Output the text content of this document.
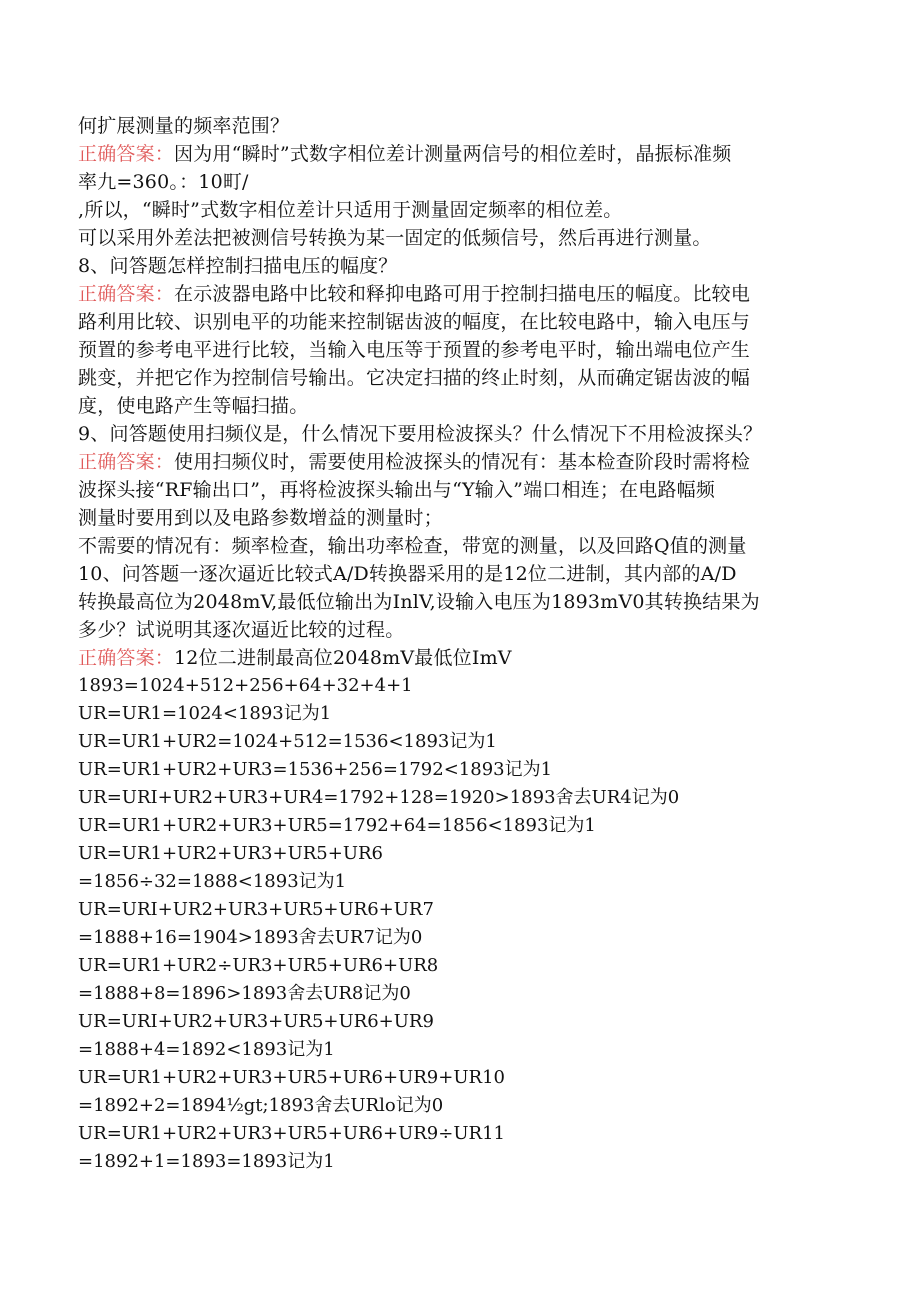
何扩展测量的频率范围？
正确答案：因为用“瞬时”式数字相位差计测量两信号的相位差时，晶振标准频
率九=360。：10町/
,所以，“瞬时”式数字相位差计只适用于测量固定频率的相位差。
可以采用外差法把被测信号转换为某一固定的低频信号，然后再进行测量。
8、问答题怎样控制扫描电压的幅度？
正确答案：在示波器电路中比较和释抑电路可用于控制扫描电压的幅度。比较电
路利用比较、识别电平的功能来控制锯齿波的幅度，在比较电路中，输入电压与
预置的参考电平进行比较，当输入电压等于预置的参考电平时，输出端电位产生
跳变，并把它作为控制信号输出。它决定扫描的终止时刻，从而确定锯齿波的幅
度，使电路产生等幅扫描。
9、问答题使用扫频仪是，什么情况下要用检波探头？什么情况下不用检波探头？
正确答案：使用扫频仪时，需要使用检波探头的情况有：基本检查阶段时需将检
波探头接“RF输出口”，再将检波探头输出与“Y输入”端口相连；在电路幅频
测量时要用到以及电路参数增益的测量时；
不需要的情况有：频率检查，输出功率检查，带宽的测量，以及回路Q值的测量
10、问答题一逐次逼近比较式A/D转换器采用的是12位二进制，其内部的A/D
转换最高位为2048mV,最低位输出为InlV,设输入电压为1893mV0其转换结果为
多少？试说明其逐次逼近比较的过程。
正确答案：12位二进制最高位2048mV最低位ImV
1893=1024+512+256+64+32+4+1
UR=UR1=1024<1893记为1
UR=UR1+UR2=1024+512=1536<1893记为1
UR=UR1+UR2+UR3=1536+256=1792<1893记为1
UR=URI+UR2+UR3+UR4=1792+128=1920>1893舍去UR4记为0
UR=UR1+UR2+UR3+UR5=1792+64=1856<1893记为1
UR=UR1+UR2+UR3+UR5+UR6
=1856÷32=1888<1893记为1
UR=URI+UR2+UR3+UR5+UR6+UR7
=1888+16=1904>1893舍去UR7记为0
UR=UR1+UR2÷UR3+UR5+UR6+UR8
=1888+8=1896>1893舍去UR8记为0
UR=URI+UR2+UR3+UR5+UR6+UR9
=1888+4=1892<1893记为1
UR=UR1+UR2+UR3+UR5+UR6+UR9+UR10
=1892+2=1894½gt;1893舍去URlo记为0
UR=UR1+UR2+UR3+UR5+UR6+UR9÷UR11
=1892+1=1893=1893记为1
